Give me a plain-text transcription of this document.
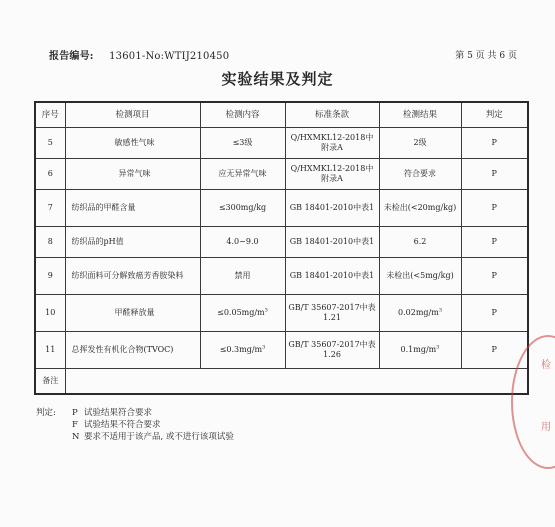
报告编号: 13601-No:WTIJ210450	第 5 页 共 6 页
实验结果及判定
序号	检测项目	检测内容	标准条款	检测结果	判定
5	敏感性气味	≤3级	Q/HXMKL12-2018中附录A	2级	P
6	异常气味	应无异常气味	Q/HXMKL12-2018中附录A	符合要求	P
7	纺织品的甲醛含量	≤300mg/kg	GB 18401-2010中表1	未检出(<20mg/kg)	P
8	纺织品的pH值	4.0~9.0	GB 18401-2010中表1	6.2	P
9	纺织面料可分解致癌芳香胺染料	禁用	GB 18401-2010中表1	未检出(<5mg/kg)	P
10	甲醛释放量	$\le 0.05mg/m^3$	GB/T 35607-2017中表1.21	$0.02mg/m^3$	P
11	总挥发性有机化合物(TVOC)	$\le 0.3mg/m^3$	GB/T 35607-2017中表1.26	$0.1mg/m^3$	P
备注					
判定:	P 试验结果符合要求
F 试验结果不符合要求
N 要求不适用于该产品, 或不进行该项试验
检
用
